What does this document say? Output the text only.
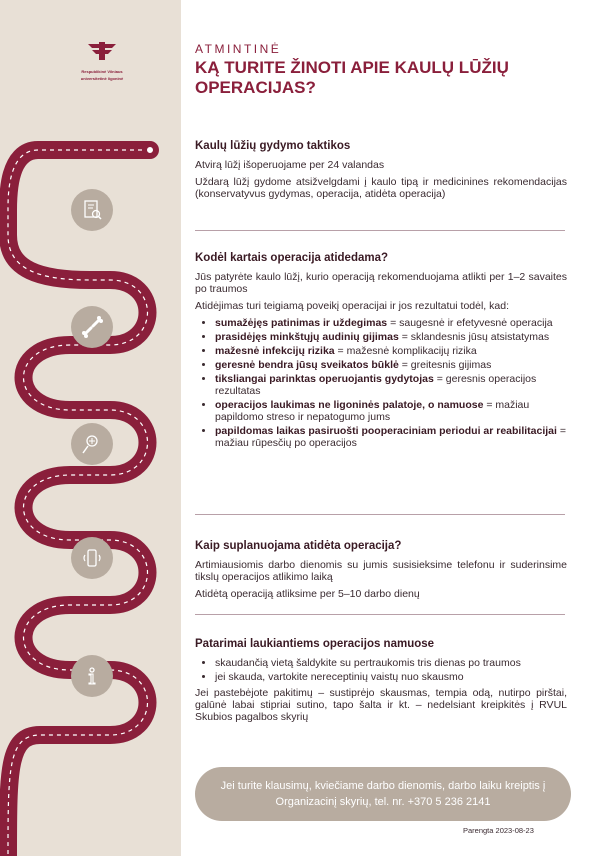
Respublikinė Vilniaus
universitetinė ligoninė
ATMINTINĖ
KĄ TURITE ŽINOTI APIE KAULŲ LŪŽIŲ OPERACIJAS?
Kaulų lūžių gydymo taktikos
Atvirą lūžį išoperuojame per 24 valandas
Uždarą lūžį gydome atsižvelgdami į kaulo tipą ir medicinines rekomendacijas (konservatyvus gydymas, operacija, atidėta operacija)
Kodėl kartais operacija atidedama?
Jūs patyrėte kaulo lūžį, kurio operaciją rekomenduojama atlikti per 1–2 savaites po traumos
Atidėjimas turi teigiamą poveikį operacijai ir jos rezultatui todėl, kad:
• sumažėjęs patinimas ir uždegimas = saugesnė ir efetyvesnė operacija
• prasidėjęs minkštųjų audinių gijimas = sklandesnis jūsų atsistatymas
• mažesnė infekcijų rizika = mažesnė komplikacijų rizika
• geresnė bendra jūsų sveikatos būklė = greitesnis gijimas
• tiksliangai parinktas operuojantis gydytojas = geresnis operacijos rezultatas
• operacijos laukimas ne ligoninės palatoje, o namuose = mažiau papildomo streso ir nepatogumo jums
• papildomas laikas pasiruošti pooperaciniam periodui ar reabilitacijai = mažiau rūpesčių po operacijos
Kaip suplanuojama atidėta operacija?
Artimiausiomis darbo dienomis su jumis susisieksime telefonu ir suderinsime tikslų operacijos atlikimo laiką
Atidėtą operaciją atliksime per 5–10 darbo dienų
Patarimai laukiantiems operacijos namuose
• skaudančią vietą šaldykite su pertraukomis tris dienas po traumos
• jei skauda, vartokite nereceptinių vaistų nuo skausmo
Jei pastebėjote pakitimų – sustiprėjo skausmas, tempia odą, nutirpo pirštai, galūnė labai stipriai sutino, tapo šalta ir kt. – nedelsiant kreipkitės į RVUL Skubios pagalbos skyrių
Jei turite klausimų, kviečiame darbo dienomis, darbo laiku kreiptis į Organizacinį skyrių, tel. nr. +370 5 236 2141
Parengta 2023-08-23
